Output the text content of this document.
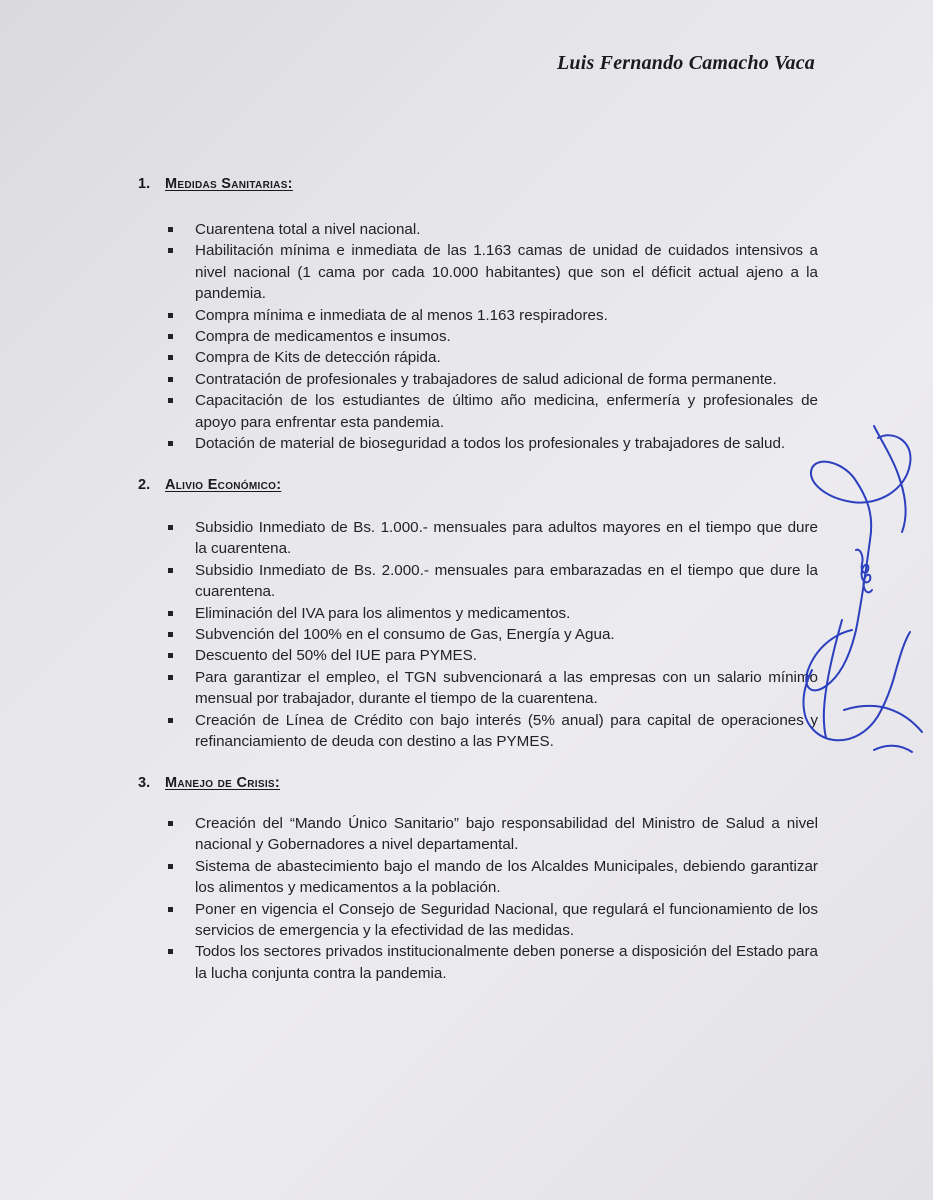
Luis Fernando Camacho Vaca
1. Medidas Sanitarias:
Cuarentena total a nivel nacional.
Habilitación mínima e inmediata de las 1.163 camas de unidad de cuidados intensivos a nivel nacional (1 cama por cada 10.000 habitantes) que son el déficit actual ajeno a la pandemia.
Compra mínima e inmediata de al menos 1.163 respiradores.
Compra de medicamentos e insumos.
Compra de Kits de detección rápida.
Contratación de profesionales y trabajadores de salud adicional de forma permanente.
Capacitación de los estudiantes de último año medicina, enfermería y profesionales de apoyo para enfrentar esta pandemia.
Dotación de material de bioseguridad a todos los profesionales y trabajadores de salud.
2. Alivio Económico:
Subsidio Inmediato de Bs. 1.000.- mensuales para adultos mayores en el tiempo que dure la cuarentena.
Subsidio Inmediato de Bs. 2.000.- mensuales para embarazadas en el tiempo que dure la cuarentena.
Eliminación del IVA para los alimentos y medicamentos.
Subvención del 100% en el consumo de Gas, Energía y Agua.
Descuento del 50% del IUE para PYMES.
Para garantizar el empleo, el TGN subvencionará a las empresas con un salario mínimo mensual por trabajador, durante el tiempo de la cuarentena.
Creación de Línea de Crédito con bajo interés (5% anual) para capital de operaciones y refinanciamiento de deuda con destino a las PYMES.
3. Manejo de Crisis:
Creación del “Mando Único Sanitario” bajo responsabilidad del Ministro de Salud a nivel nacional y Gobernadores a nivel departamental.
Sistema de abastecimiento bajo el mando de los Alcaldes Municipales, debiendo garantizar los alimentos y medicamentos a la población.
Poner en vigencia el Consejo de Seguridad Nacional, que regulará el funcionamiento de los servicios de emergencia y la efectividad de las medidas.
Todos los sectores privados institucionalmente deben ponerse a disposición del Estado para la lucha conjunta contra la pandemia.
